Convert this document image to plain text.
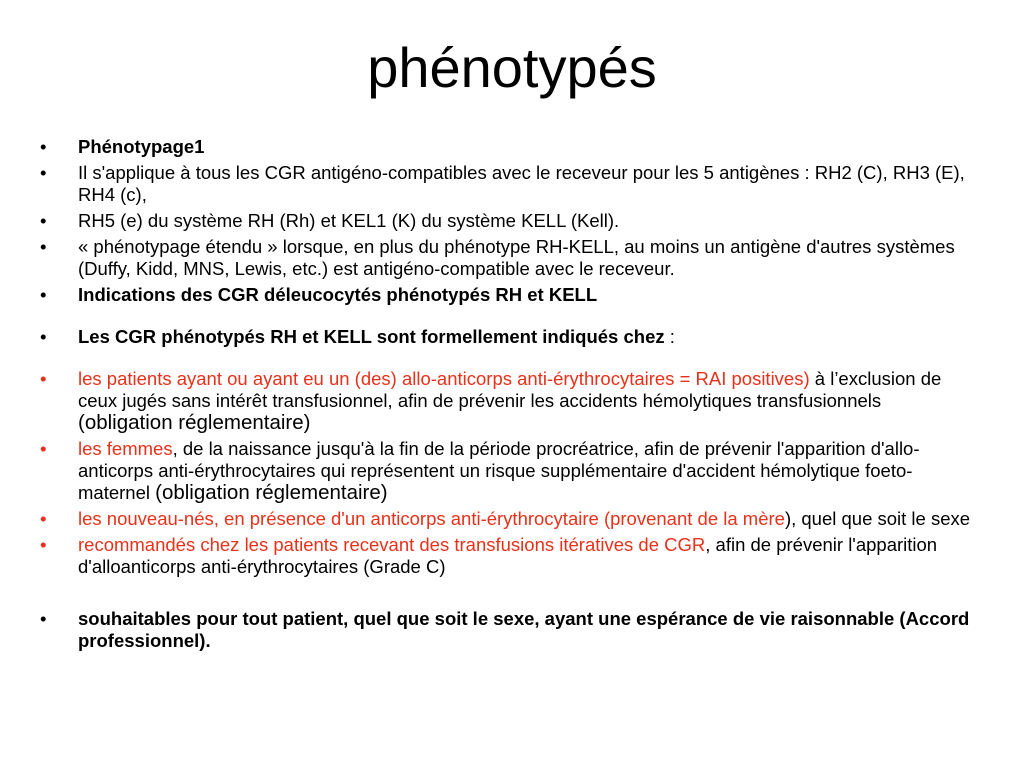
phénotypés
• Phénotypage1
• Il s'applique à tous les CGR antigéno-compatibles avec le receveur pour les 5 antigènes : RH2 (C), RH3 (E), RH4 (c),
• RH5 (e) du système RH (Rh) et KEL1 (K) du système KELL (Kell).
• « phénotypage étendu » lorsque, en plus du phénotype RH-KELL, au moins un antigène d'autres systèmes (Duffy, Kidd, MNS, Lewis, etc.) est antigéno-compatible avec le receveur.
• Indications des CGR déleucocytés phénotypés RH et KELL
• Les CGR phénotypés RH et KELL sont formellement indiqués chez :
• les patients ayant ou ayant eu un (des) allo-anticorps anti-érythrocytaires = RAI positives) à l’exclusion de ceux jugés sans intérêt transfusionnel, afin de prévenir les accidents hémolytiques transfusionnels (obligation réglementaire)
• les femmes, de la naissance jusqu'à la fin de la période procréatrice, afin de prévenir l'apparition d'allo-anticorps anti-érythrocytaires qui représentent un risque supplémentaire d'accident hémolytique foeto-maternel (obligation réglementaire)
• les nouveau-nés, en présence d'un anticorps anti-érythrocytaire (provenant de la mère), quel que soit le sexe
• recommandés chez les patients recevant des transfusions itératives de CGR, afin de prévenir l'apparition d'alloanticorps anti-érythrocytaires (Grade C)
• souhaitables pour tout patient, quel que soit le sexe, ayant une espérance de vie raisonnable (Accord professionnel).
